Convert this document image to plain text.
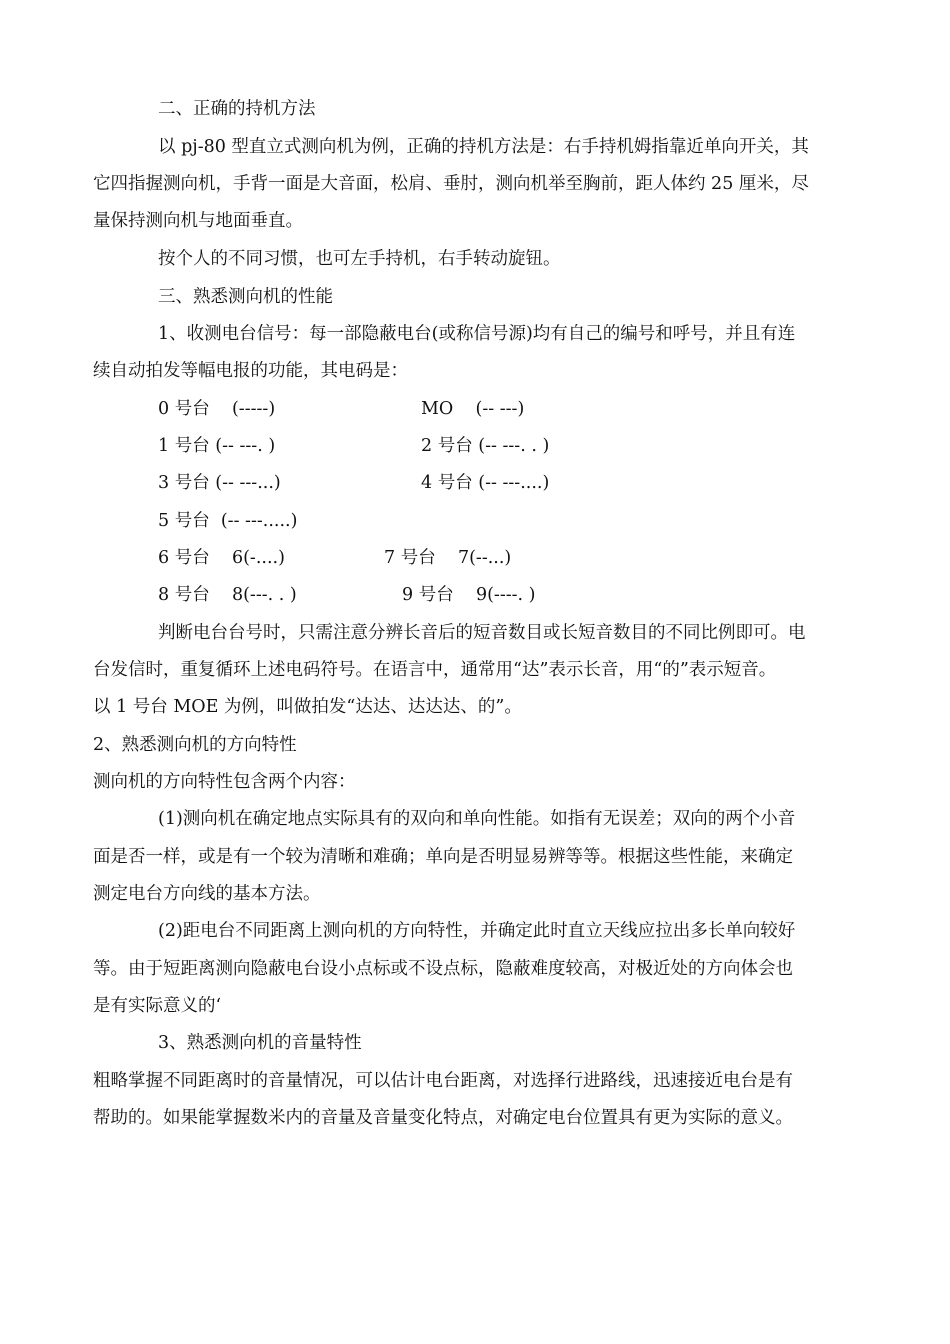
二、正确的持机方法
以 pj-80 型直立式测向机为例，正确的持机方法是：右手持机姆指靠近单向开关，其
它四指握测向机，手背一面是大音面，松肩、垂肘，测向机举至胸前，距人体约 25 厘米，尽
量保持测向机与地面垂直。
按个人的不同习惯，也可左手持机，右手转动旋钮。
三、熟悉测向机的性能
1、收测电台信号：每一部隐蔽电台(或称信号源)均有自己的编号和呼号，并且有连
续自动拍发等幅电报的功能，其电码是：
0 号台    (-----)	MO    (-- ---)
1 号台 (-- ---. )	2 号台 (-- ---. . )
3 号台 (-- ---...)	4 号台 (-- ---....)
5 号台  (-- ---.....)
6 号台    6(-....)	7 号台    7(--...)
8 号台    8(---. . )	9 号台    9(----. )
判断电台台号时，只需注意分辨长音后的短音数目或长短音数目的不同比例即可。电
台发信时，重复循环上述电码符号。在语言中，通常用“达”表示长音，用“的”表示短音。
以 1 号台 MOE 为例，叫做拍发“达达、达达达、的”。
2、熟悉测向机的方向特性
测向机的方向特性包含两个内容：
(1)测向机在确定地点实际具有的双向和单向性能。如指有无误差；双向的两个小音
面是否一样，或是有一个较为清晰和难确；单向是否明显易辨等等。根据这些性能，来确定
测定电台方向线的基本方法。
(2)距电台不同距离上测向机的方向特性，并确定此时直立天线应拉出多长单向较好
等。由于短距离测向隐蔽电台设小点标或不设点标，隐蔽难度较高，对极近处的方向体会也
是有实际意义的‘
3、熟悉测向机的音量特性
粗略掌握不同距离时的音量情况，可以估计电台距离，对选择行进路线，迅速接近电台是有
帮助的。如果能掌握数米内的音量及音量变化特点，对确定电台位置具有更为实际的意义。
